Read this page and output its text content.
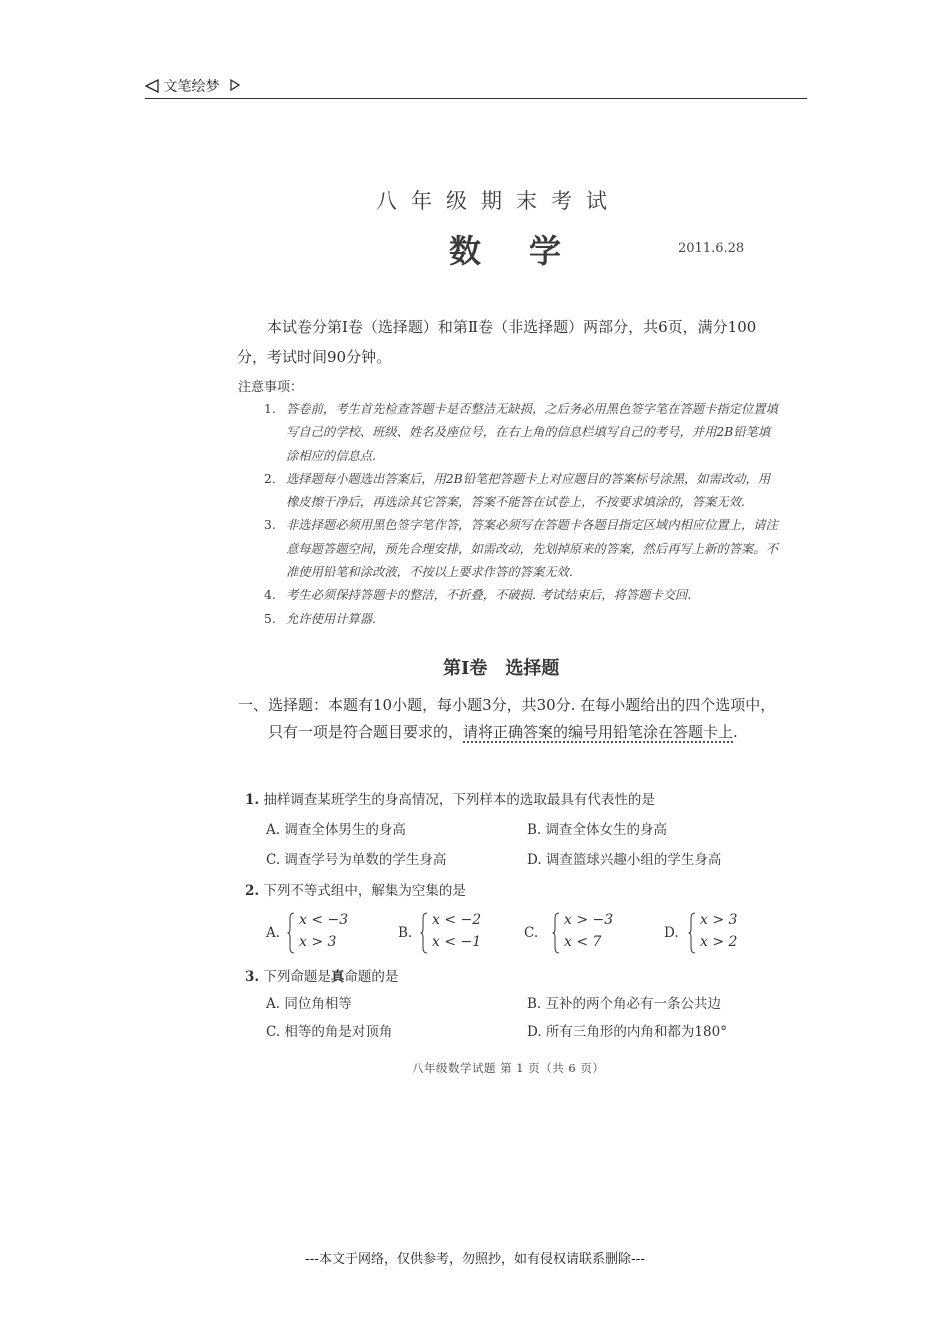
文笔绘梦
八年级期末考试
数学	2011.6.28
本试卷分第Ⅰ卷（选择题）和第Ⅱ卷（非选择题）两部分，共6页，满分100分，考试时间90分钟。
注意事项：
1. 答卷前，考生首先检查答题卡是否整洁无缺损，之后务必用黑色签字笔在答题卡指定位置填写自己的学校、班级、姓名及座位号，在右上角的信息栏填写自己的考号，并用2B铅笔填涂相应的信息点.
2. 选择题每小题选出答案后，用2B铅笔把答题卡上对应题目的答案标号涂黑，如需改动，用橡皮擦干净后，再选涂其它答案，答案不能答在试卷上，不按要求填涂的，答案无效.
3. 非选择题必须用黑色签字笔作答，答案必须写在答题卡各题目指定区域内相应位置上，请注意每题答题空间，预先合理安排，如需改动，先划掉原来的答案，然后再写上新的答案。不准使用铅笔和涂改液，不按以上要求作答的答案无效.
4. 考生必须保持答题卡的整洁，不折叠，不破损. 考试结束后，将答题卡交回.
5. 允许使用计算器.
第Ⅰ卷　选择题
一、 选择题：本题有10小题，每小题3分，共30分. 在每小题给出的四个选项中，只有一项是符合题目要求的，请将正确答案的编号用铅笔涂在答题卡上.
1. 抽样调查某班学生的身高情况，下列样本的选取最具有代表性的是
A. 调查全体男生的身高	B. 调查全体女生的身高
C. 调查学号为单数的学生身高	D. 调查篮球兴趣小组的学生身高
2. 下列不等式组中，解集为空集的是
A.
x < −3
x > 3
B.
x < −2
x < −1
C.
x > −3
x < 7
D.
x > 3
x > 2
3. 下列命题是真命题的是
A. 同位角相等	B. 互补的两个角必有一条公共边
C. 相等的角是对顶角	D. 所有三角形的内角和都为180°
八年级数学试题 第 1 页（共 6 页）
---本文于网络，仅供参考，勿照抄，如有侵权请联系删除---
